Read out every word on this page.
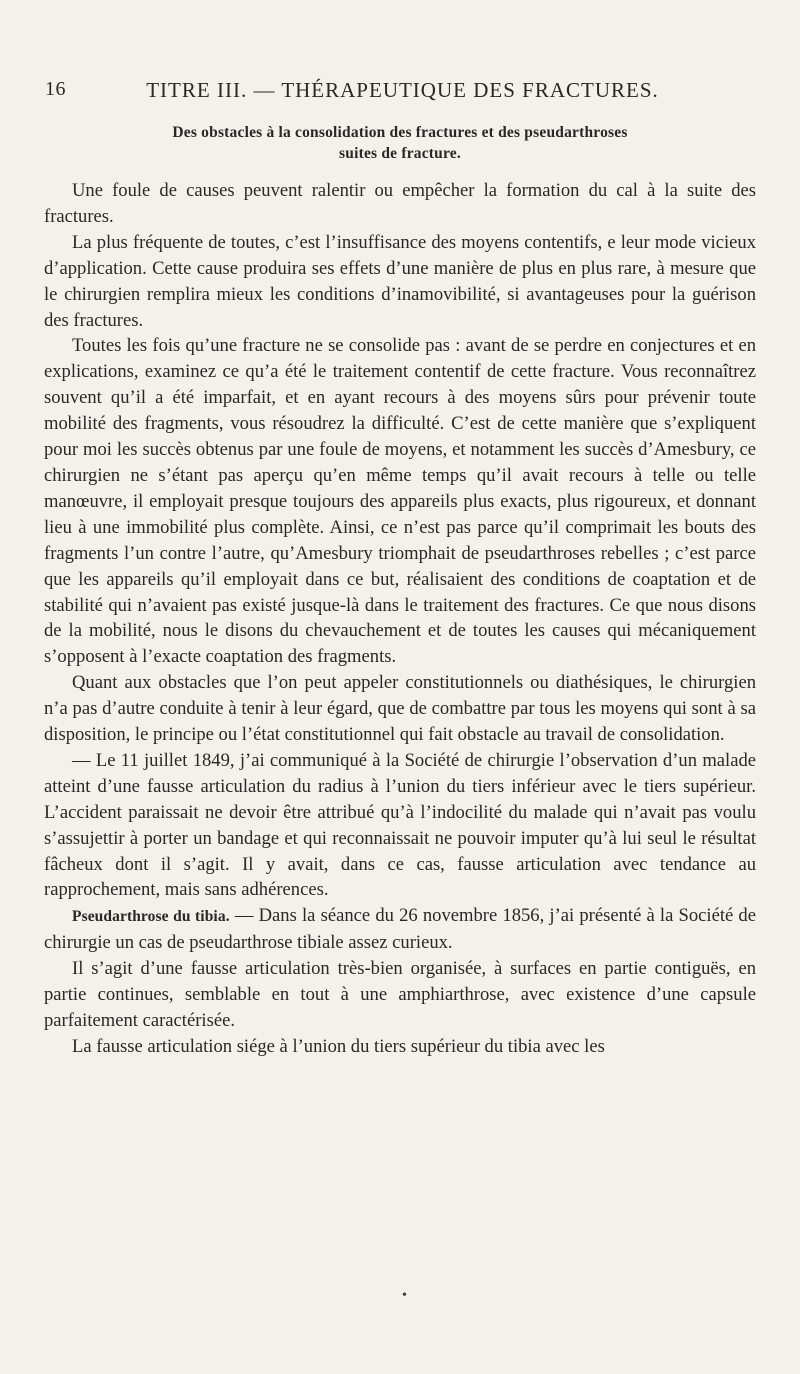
16	TITRE III. — THÉRAPEUTIQUE DES FRACTURES.
Des obstacles à la consolidation des fractures et des pseudarthroses
suites de fracture.

Une foule de causes peuvent ralentir ou empêcher la formation du cal à la suite des fractures.

La plus fréquente de toutes, c’est l’insuffisance des moyens contentifs, e leur mode vicieux d’application. Cette cause produira ses effets d’une manière de plus en plus rare, à mesure que le chirurgien remplira mieux les conditions d’inamovibilité, si avantageuses pour la guérison des fractures.

Toutes les fois qu’une fracture ne se consolide pas : avant de se perdre en conjectures et en explications, examinez ce qu’a été le traitement contentif de cette fracture. Vous reconnaîtrez souvent qu’il a été imparfait, et en ayant recours à des moyens sûrs pour prévenir toute mobilité des fragments, vous résoudrez la difficulté. C’est de cette manière que s’expliquent pour moi les succès obtenus par une foule de moyens, et notamment les succès d’Amesbury, ce chirurgien ne s’étant pas aperçu qu’en même temps qu’il avait recours à telle ou telle manœuvre, il employait presque toujours des appareils plus exacts, plus rigoureux, et donnant lieu à une immobilité plus complète. Ainsi, ce n’est pas parce qu’il comprimait les bouts des fragments l’un contre l’autre, qu’Amesbury triomphait de pseudarthroses rebelles ; c’est parce que les appareils qu’il employait dans ce but, réalisaient des conditions de coaptation et de stabilité qui n’avaient pas existé jusque-là dans le traitement des fractures. Ce que nous disons de la mobilité, nous le disons du chevauchement et de toutes les causes qui mécaniquement s’opposent à l’exacte coaptation des fragments.

Quant aux obstacles que l’on peut appeler constitutionnels ou diathésiques, le chirurgien n’a pas d’autre conduite à tenir à leur égard, que de combattre par tous les moyens qui sont à sa disposition, le principe ou l’état constitutionnel qui fait obstacle au travail de consolidation.

— Le 11 juillet 1849, j’ai communiqué à la Société de chirurgie l’observation d’un malade atteint d’une fausse articulation du radius à l’union du tiers inférieur avec le tiers supérieur. L’accident paraissait ne devoir être attribué qu’à l’indocilité du malade qui n’avait pas voulu s’assujettir à porter un bandage et qui reconnaissait ne pouvoir imputer qu’à lui seul le résultat fâcheux dont il s’agit. Il y avait, dans ce cas, fausse articulation avec tendance au rapprochement, mais sans adhérences.

Pseudarthrose du tibia. — Dans la séance du 26 novembre 1856, j’ai présenté à la Société de chirurgie un cas de pseudarthrose tibiale assez curieux.

Il s’agit d’une fausse articulation très-bien organisée, à surfaces en partie contiguës, en partie continues, semblable en tout à une amphiarthrose, avec existence d’une capsule parfaitement caractérisée.

La fausse articulation siége à l’union du tiers supérieur du tibia avec les

•
